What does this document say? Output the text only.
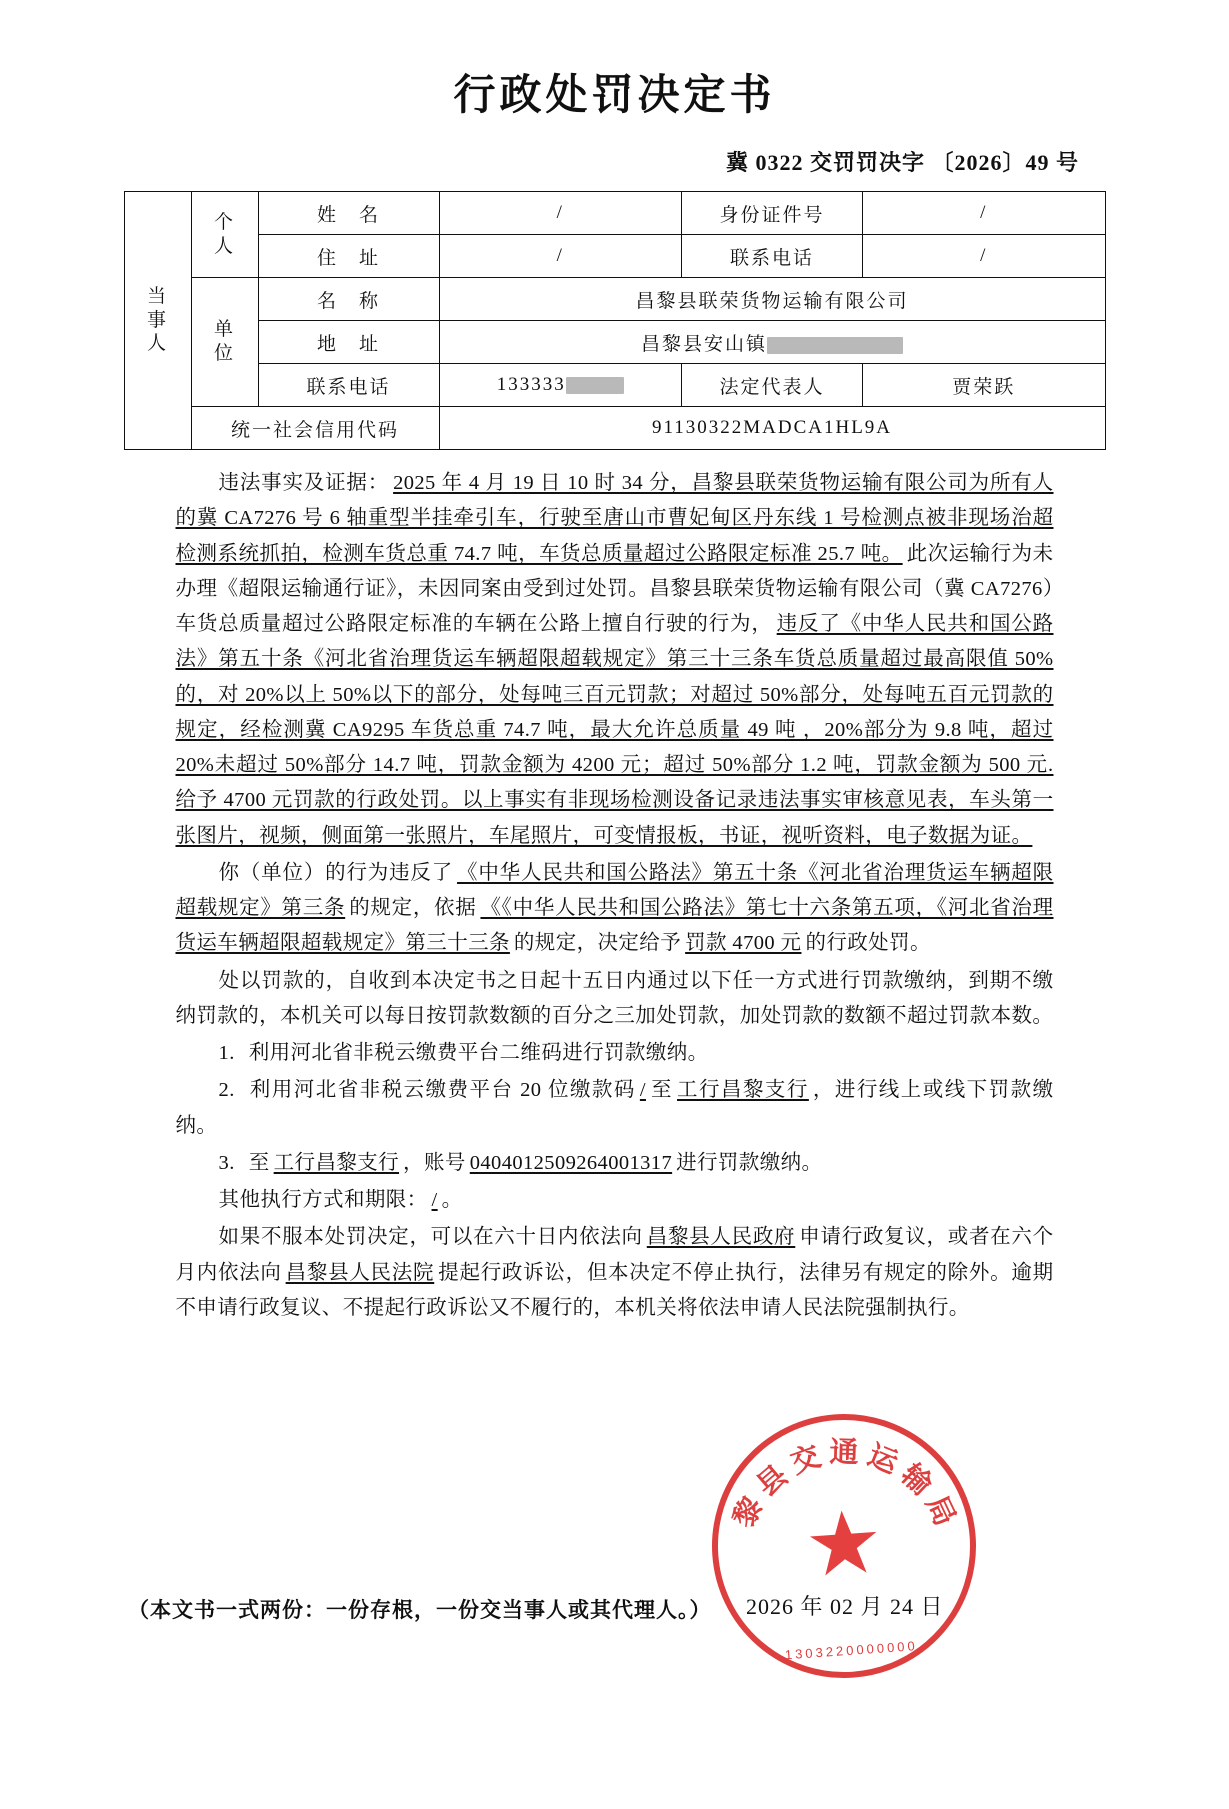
行政处罚决定书
冀 0322 交罚罚决字 〔2026〕49 号
当
事
人	个
人	姓　名	/	身份证件号	/
		住　址	/	联系电话	/

	单
位	名　称	昌黎县联荣货物运输有限公司		
		地　址	昌黎县安山镇		
		联系电话	133333	法定代表人	贾荣跃
	统一社会信用代码		91130322MADCA1HL9A		

违法事实及证据： 2025 年 4 月 19 日 10 时 34 分，昌黎县联荣货物运输有限公司为所有人的冀 CA7276 号 6 轴重型半挂牵引车，行驶至唐山市曹妃甸区丹东线 1 号检测点被非现场治超检测系统抓拍，检测车货总重 74.7 吨，车货总质量超过公路限定标准 25.7 吨。 此次运输行为未办理《超限运输通行证》，未因同案由受到过处罚。昌黎县联荣货物运输有限公司（冀 CA7276）车货总质量超过公路限定标准的车辆在公路上擅自行驶的行为， 违反了《中华人民共和国公路法》第五十条《河北省治理货运车辆超限超载规定》第三十三条车货总质量超过最高限值 50%的，对 20%以上 50%以下的部分，处每吨三百元罚款；对超过 50%部分，处每吨五百元罚款的规定，经检测冀 CA9295 车货总重 74.7 吨，最大允许总质量 49 吨 ，20%部分为 9.8 吨，超过 20%未超过 50%部分 14.7 吨，罚款金额为 4200 元；超过 50%部分 1.2 吨，罚款金额为 500 元.给予 4700 元罚款的行政处罚。以上事实有非现场检测设备记录违法事实审核意见表，车头第一张图片，视频，侧面第一张照片，车尾照片，可变情报板，书证，视听资料，电子数据为证。

你（单位）的行为违反了 《中华人民共和国公路法》第五十条《河北省治理货运车辆超限超载规定》第三条 的规定，依据 《《中华人民共和国公路法》第七十六条第五项，《河北省治理货运车辆超限超载规定》第三十三条 的规定，决定给予 罚款 4700 元 的行政处罚。

处以罚款的，自收到本决定书之日起十五日内通过以下任一方式进行罚款缴纳，到期不缴纳罚款的，本机关可以每日按罚款数额的百分之三加处罚款，加处罚款的数额不超过罚款本数。

1. 利用河北省非税云缴费平台二维码进行罚款缴纳。

2. 利用河北省非税云缴费平台 20 位缴款码 / 至 工行昌黎支行 ，进行线上或线下罚款缴纳。

3. 至 工行昌黎支行 ，账号 0404012509264001317 进行罚款缴纳。

其他执行方式和期限： / 。

如果不服本处罚决定，可以在六十日内依法向 昌黎县人民政府 申请行政复议，或者在六个月内依法向 昌黎县人民法院 提起行政诉讼，但本决定不停止执行，法律另有规定的除外。逾期不申请行政复议、不提起行政诉讼又不履行的，本机关将依法申请人民法院强制执行。

黎县交通运输局
1303220000000
2026 年 02 月 24 日
（本文书一式两份：一份存根，一份交当事人或其代理人。）
